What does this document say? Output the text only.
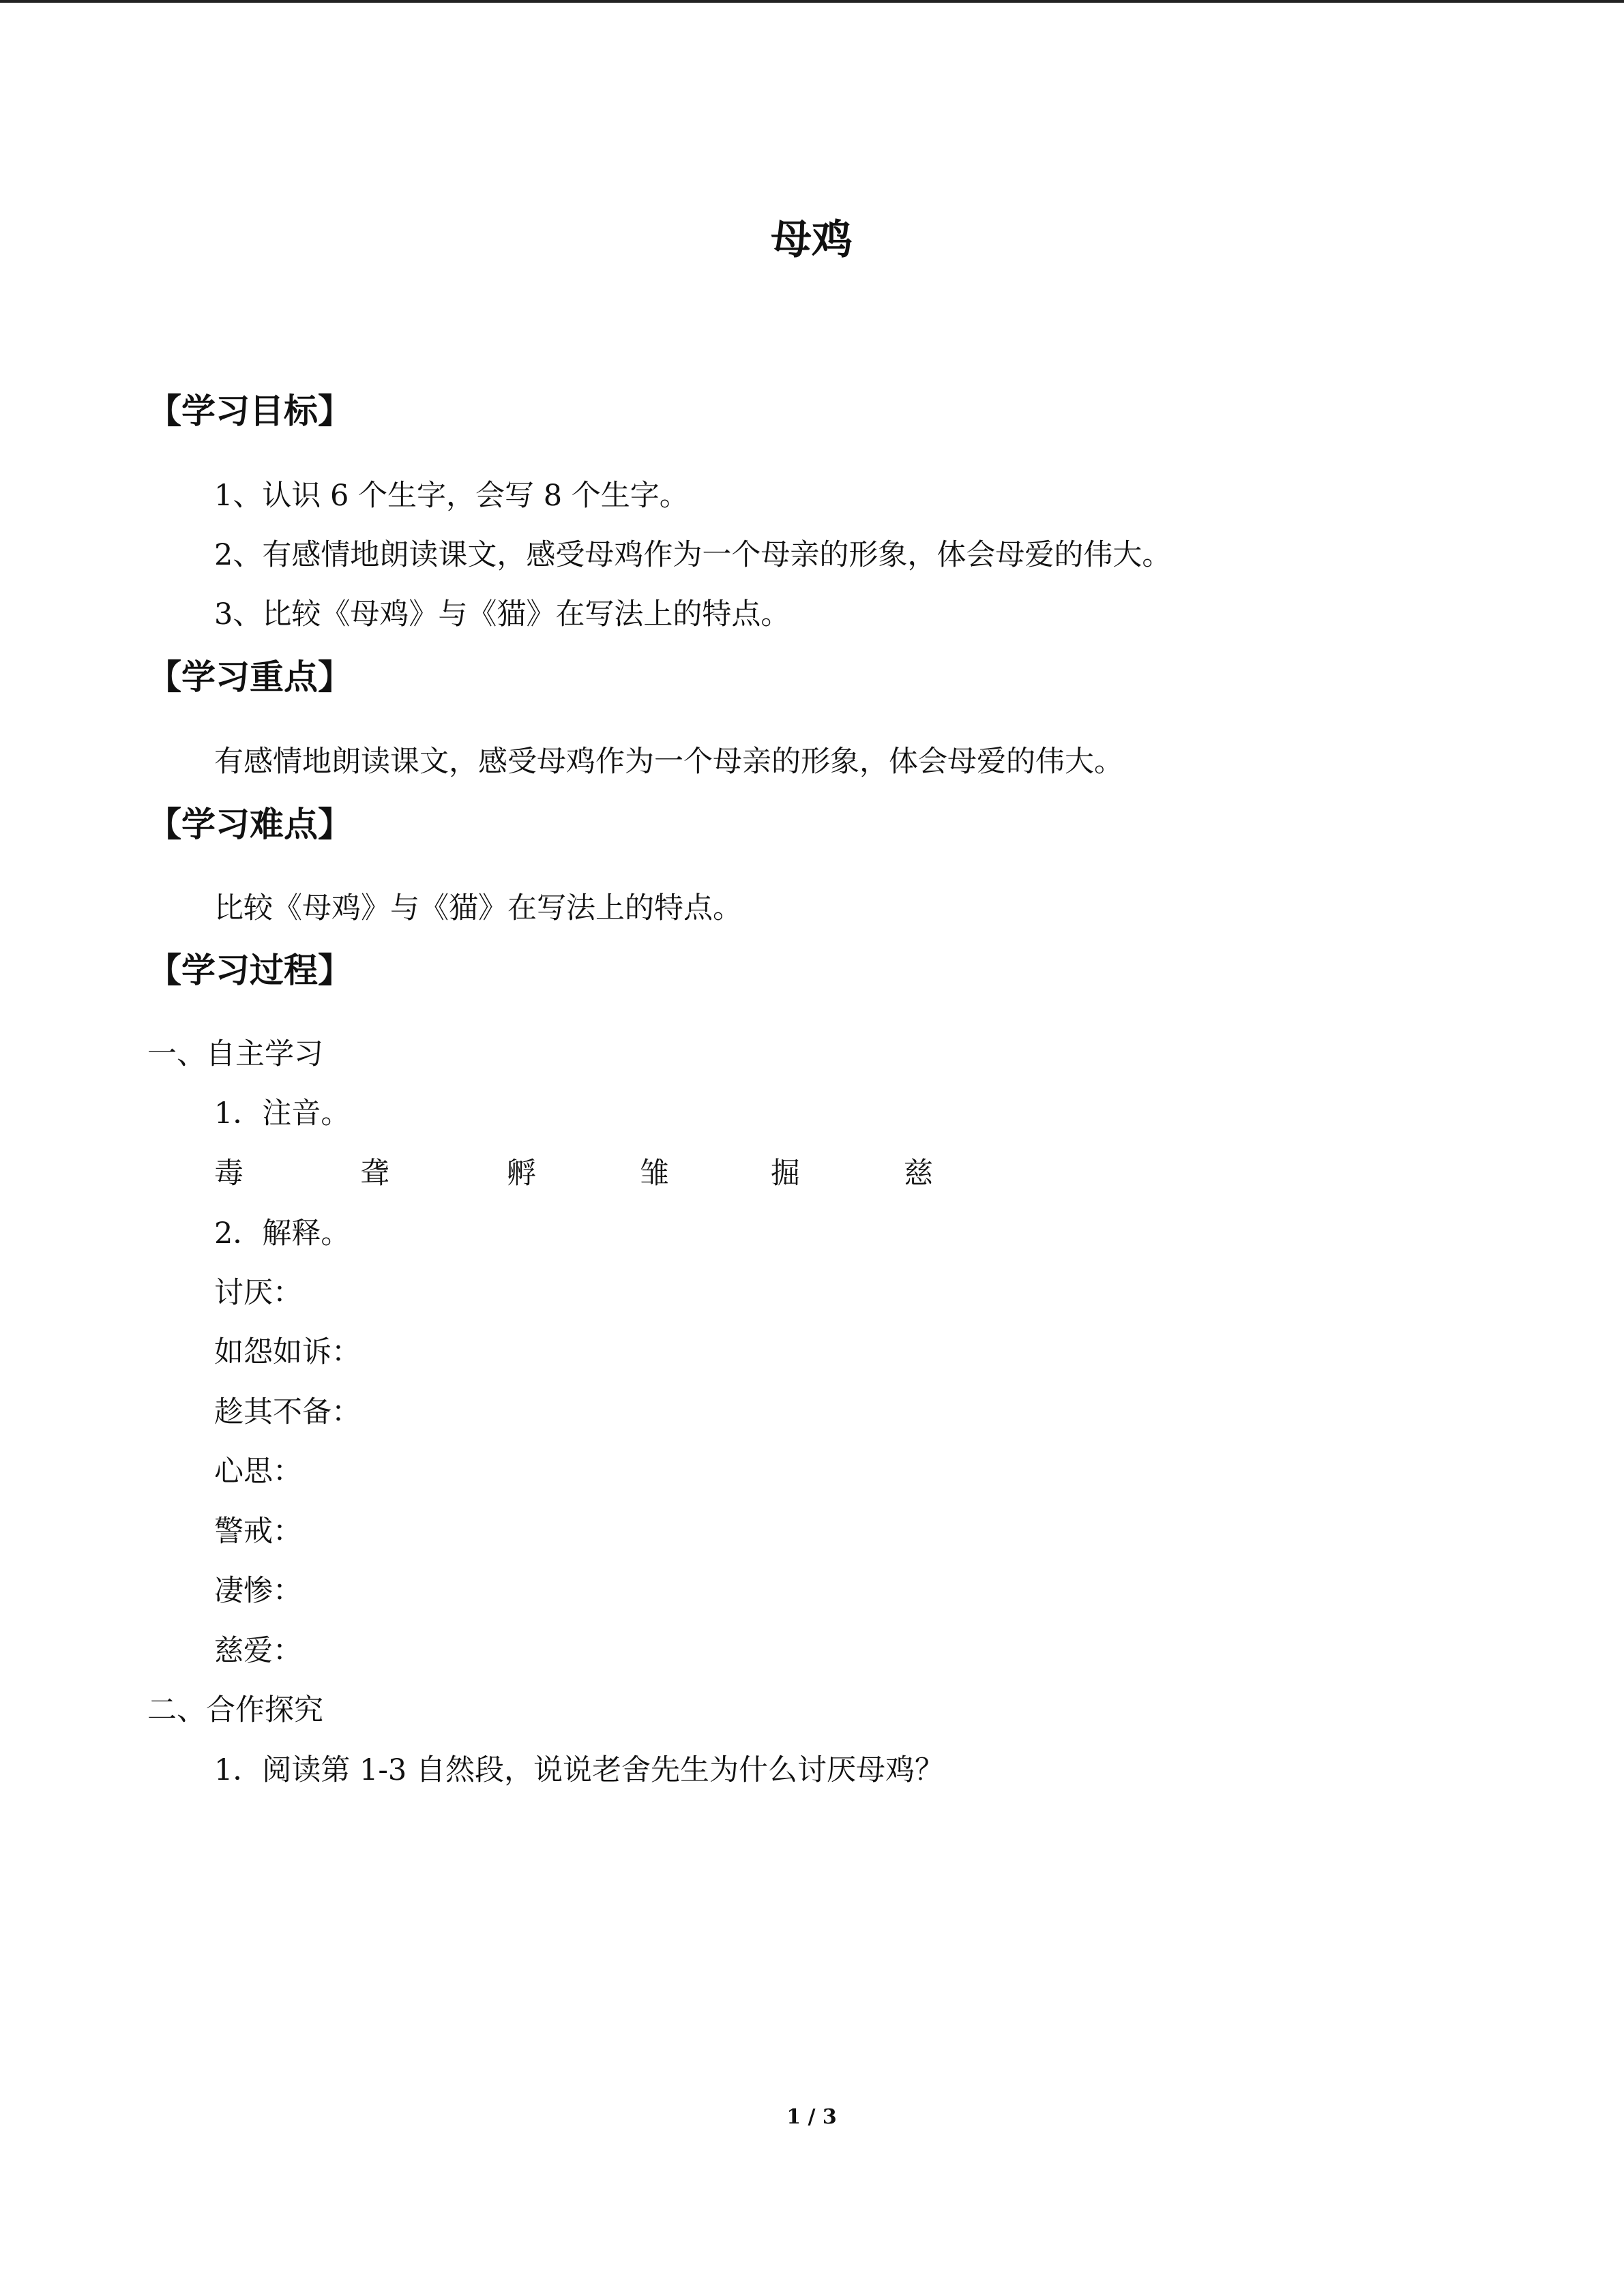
母鸡
【学习目标】
1、认识 6 个生字，会写 8 个生字。
2、有感情地朗读课文，感受母鸡作为一个母亲的形象，体会母爱的伟大。
3、比较《母鸡》与《猫》在写法上的特点。
【学习重点】
有感情地朗读课文，感受母鸡作为一个母亲的形象，体会母爱的伟大。
【学习难点】
比较《母鸡》与《猫》在写法上的特点。
【学习过程】
一、自主学习
1．注音。
毒	聋	孵	雏	掘	慈
2．解释。
讨厌：
如怨如诉：
趁其不备：
心思：
警戒：
凄惨：
慈爱：
二、合作探究
1．阅读第 1-3 自然段，说说老舍先生为什么讨厌母鸡？
1 / 3
